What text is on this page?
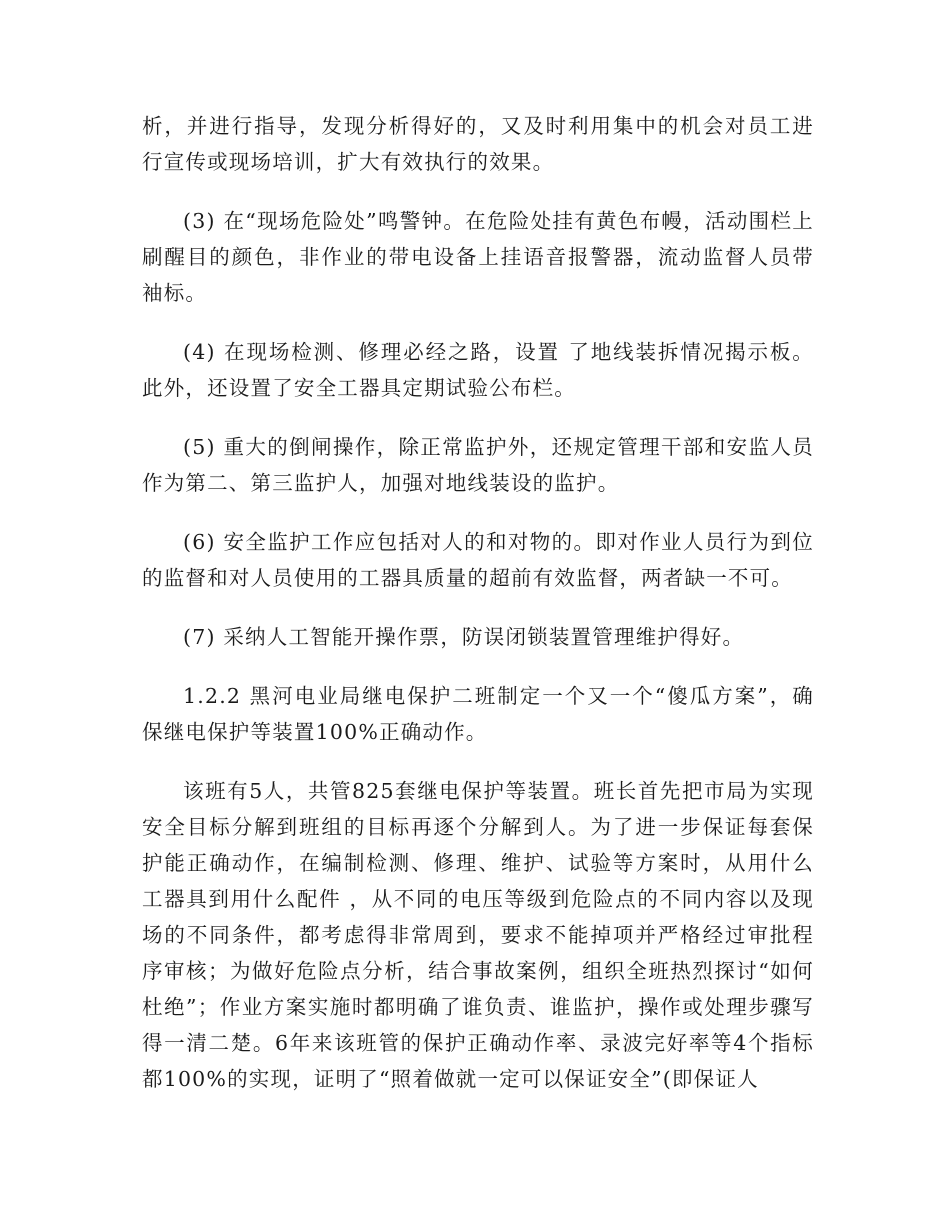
析，并进行指导，发现分析得好的，又及时利用集中的机会对员工进行宣传或现场培训，扩大有效执行的效果。

(3) 在“现场危险处”鸣警钟。在危险处挂有黄色布幔，活动围栏上刷醒目的颜色，非作业的带电设备上挂语音报警器，流动监督人员带袖标。

(4) 在现场检测、修理必经之路，设置 了地线装拆情况揭示板。此外，还设置了安全工器具定期试验公布栏。

(5) 重大的倒闸操作，除正常监护外，还规定管理干部和安监人员作为第二、第三监护人，加强对地线装设的监护。

(6) 安全监护工作应包括对人的和对物的。即对作业人员行为到位的监督和对人员使用的工器具质量的超前有效监督，两者缺一不可。

(7) 采纳人工智能开操作票，防误闭锁装置管理维护得好。

1.2.2 黑河电业局继电保护二班制定一个又一个“傻瓜方案”，确保继电保护等装置100%正确动作。

该班有5人，共管825套继电保护等装置。班长首先把市局为实现安全目标分解到班组的目标再逐个分解到人。为了进一步保证每套保护能正确动作，在编制检测、修理、维护、试验等方案时，从用什么工器具到用什么配件 ，从不同的电压等级到危险点的不同内容以及现场的不同条件，都考虑得非常周到，要求不能掉项并严格经过审批程序审核；为做好危险点分析，结合事故案例，组织全班热烈探讨“如何杜绝”；作业方案实施时都明确了谁负责、谁监护，操作或处理步骤写得一清二楚。6年来该班管的保护正确动作率、录波完好率等4个指标都100%的实现，证明了“照着做就一定可以保证安全”(即保证人
